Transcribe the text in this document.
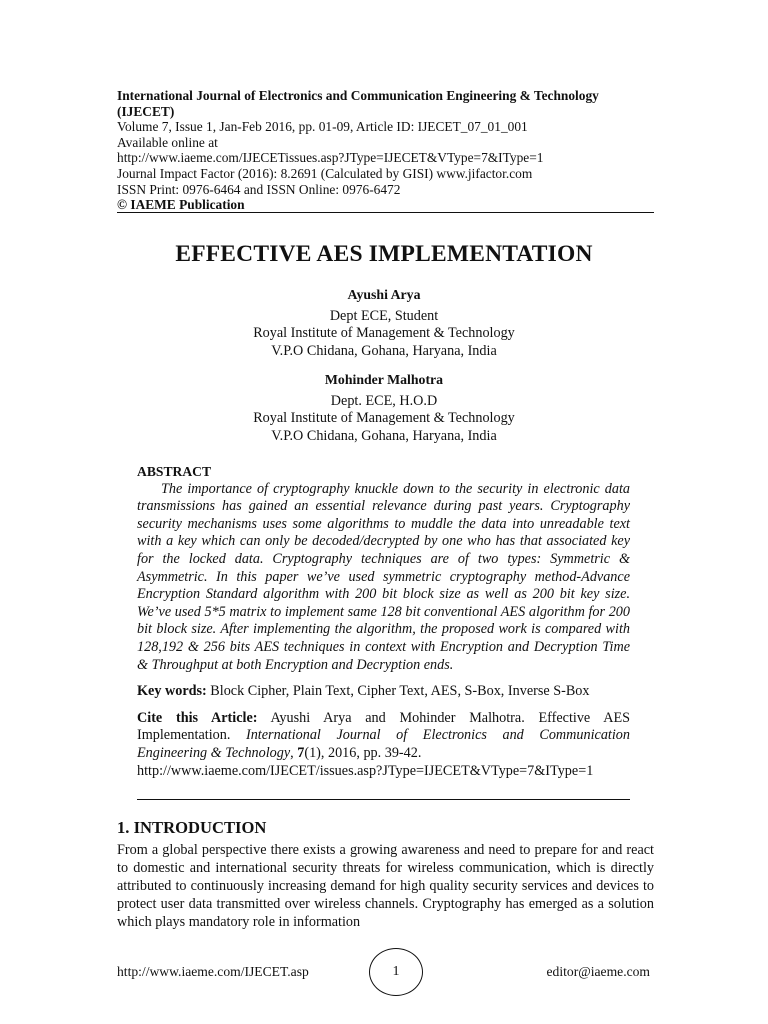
International Journal of Electronics and Communication Engineering & Technology (IJECET)
Volume 7, Issue 1, Jan-Feb 2016, pp. 01-09, Article ID: IJECET_07_01_001
Available online at
http://www.iaeme.com/IJECETissues.asp?JType=IJECET&VType=7&IType=1
Journal Impact Factor (2016): 8.2691 (Calculated by GISI) www.jifactor.com
ISSN Print: 0976-6464 and ISSN Online: 0976-6472
© IAEME Publication
EFFECTIVE AES IMPLEMENTATION
Ayushi Arya
Dept ECE, Student
Royal Institute of Management & Technology
V.P.O Chidana, Gohana, Haryana, India
Mohinder Malhotra
Dept. ECE, H.O.D
Royal Institute of Management & Technology
V.P.O Chidana, Gohana, Haryana, India
ABSTRACT

The importance of cryptography knuckle down to the security in electronic data transmissions has gained an essential relevance during past years. Cryptography security mechanisms uses some algorithms to muddle the data into unreadable text with a key which can only be decoded/decrypted by one who has that associated key for the locked data. Cryptography techniques are of two types: Symmetric & Asymmetric. In this paper we’ve used symmetric cryptography method-Advance Encryption Standard algorithm with 200 bit block size as well as 200 bit key size. We’ve used 5*5 matrix to implement same 128 bit conventional AES algorithm for 200 bit block size. After implementing the algorithm, the proposed work is compared with 128,192 & 256 bits AES techniques in context with Encryption and Decryption Time & Throughput at both Encryption and Decryption ends.

Key words: Block Cipher, Plain Text, Cipher Text, AES, S-Box, Inverse S-Box

Cite this Article: Ayushi Arya and Mohinder Malhotra. Effective AES Implementation. International Journal of Electronics and Communication Engineering & Technology, 7(1), 2016, pp. 39-42.
http://www.iaeme.com/IJECET/issues.asp?JType=IJECET&VType=7&IType=1

1. INTRODUCTION

From a global perspective there exists a growing awareness and need to prepare for and react to domestic and international security threats for wireless communication, which is directly attributed to continuously increasing demand for high quality security services and devices to protect user data transmitted over wireless channels. Cryptography has emerged as a solution which plays mandatory role in information

http://www.iaeme.com/IJECET.asp	1	editor@iaeme.com
